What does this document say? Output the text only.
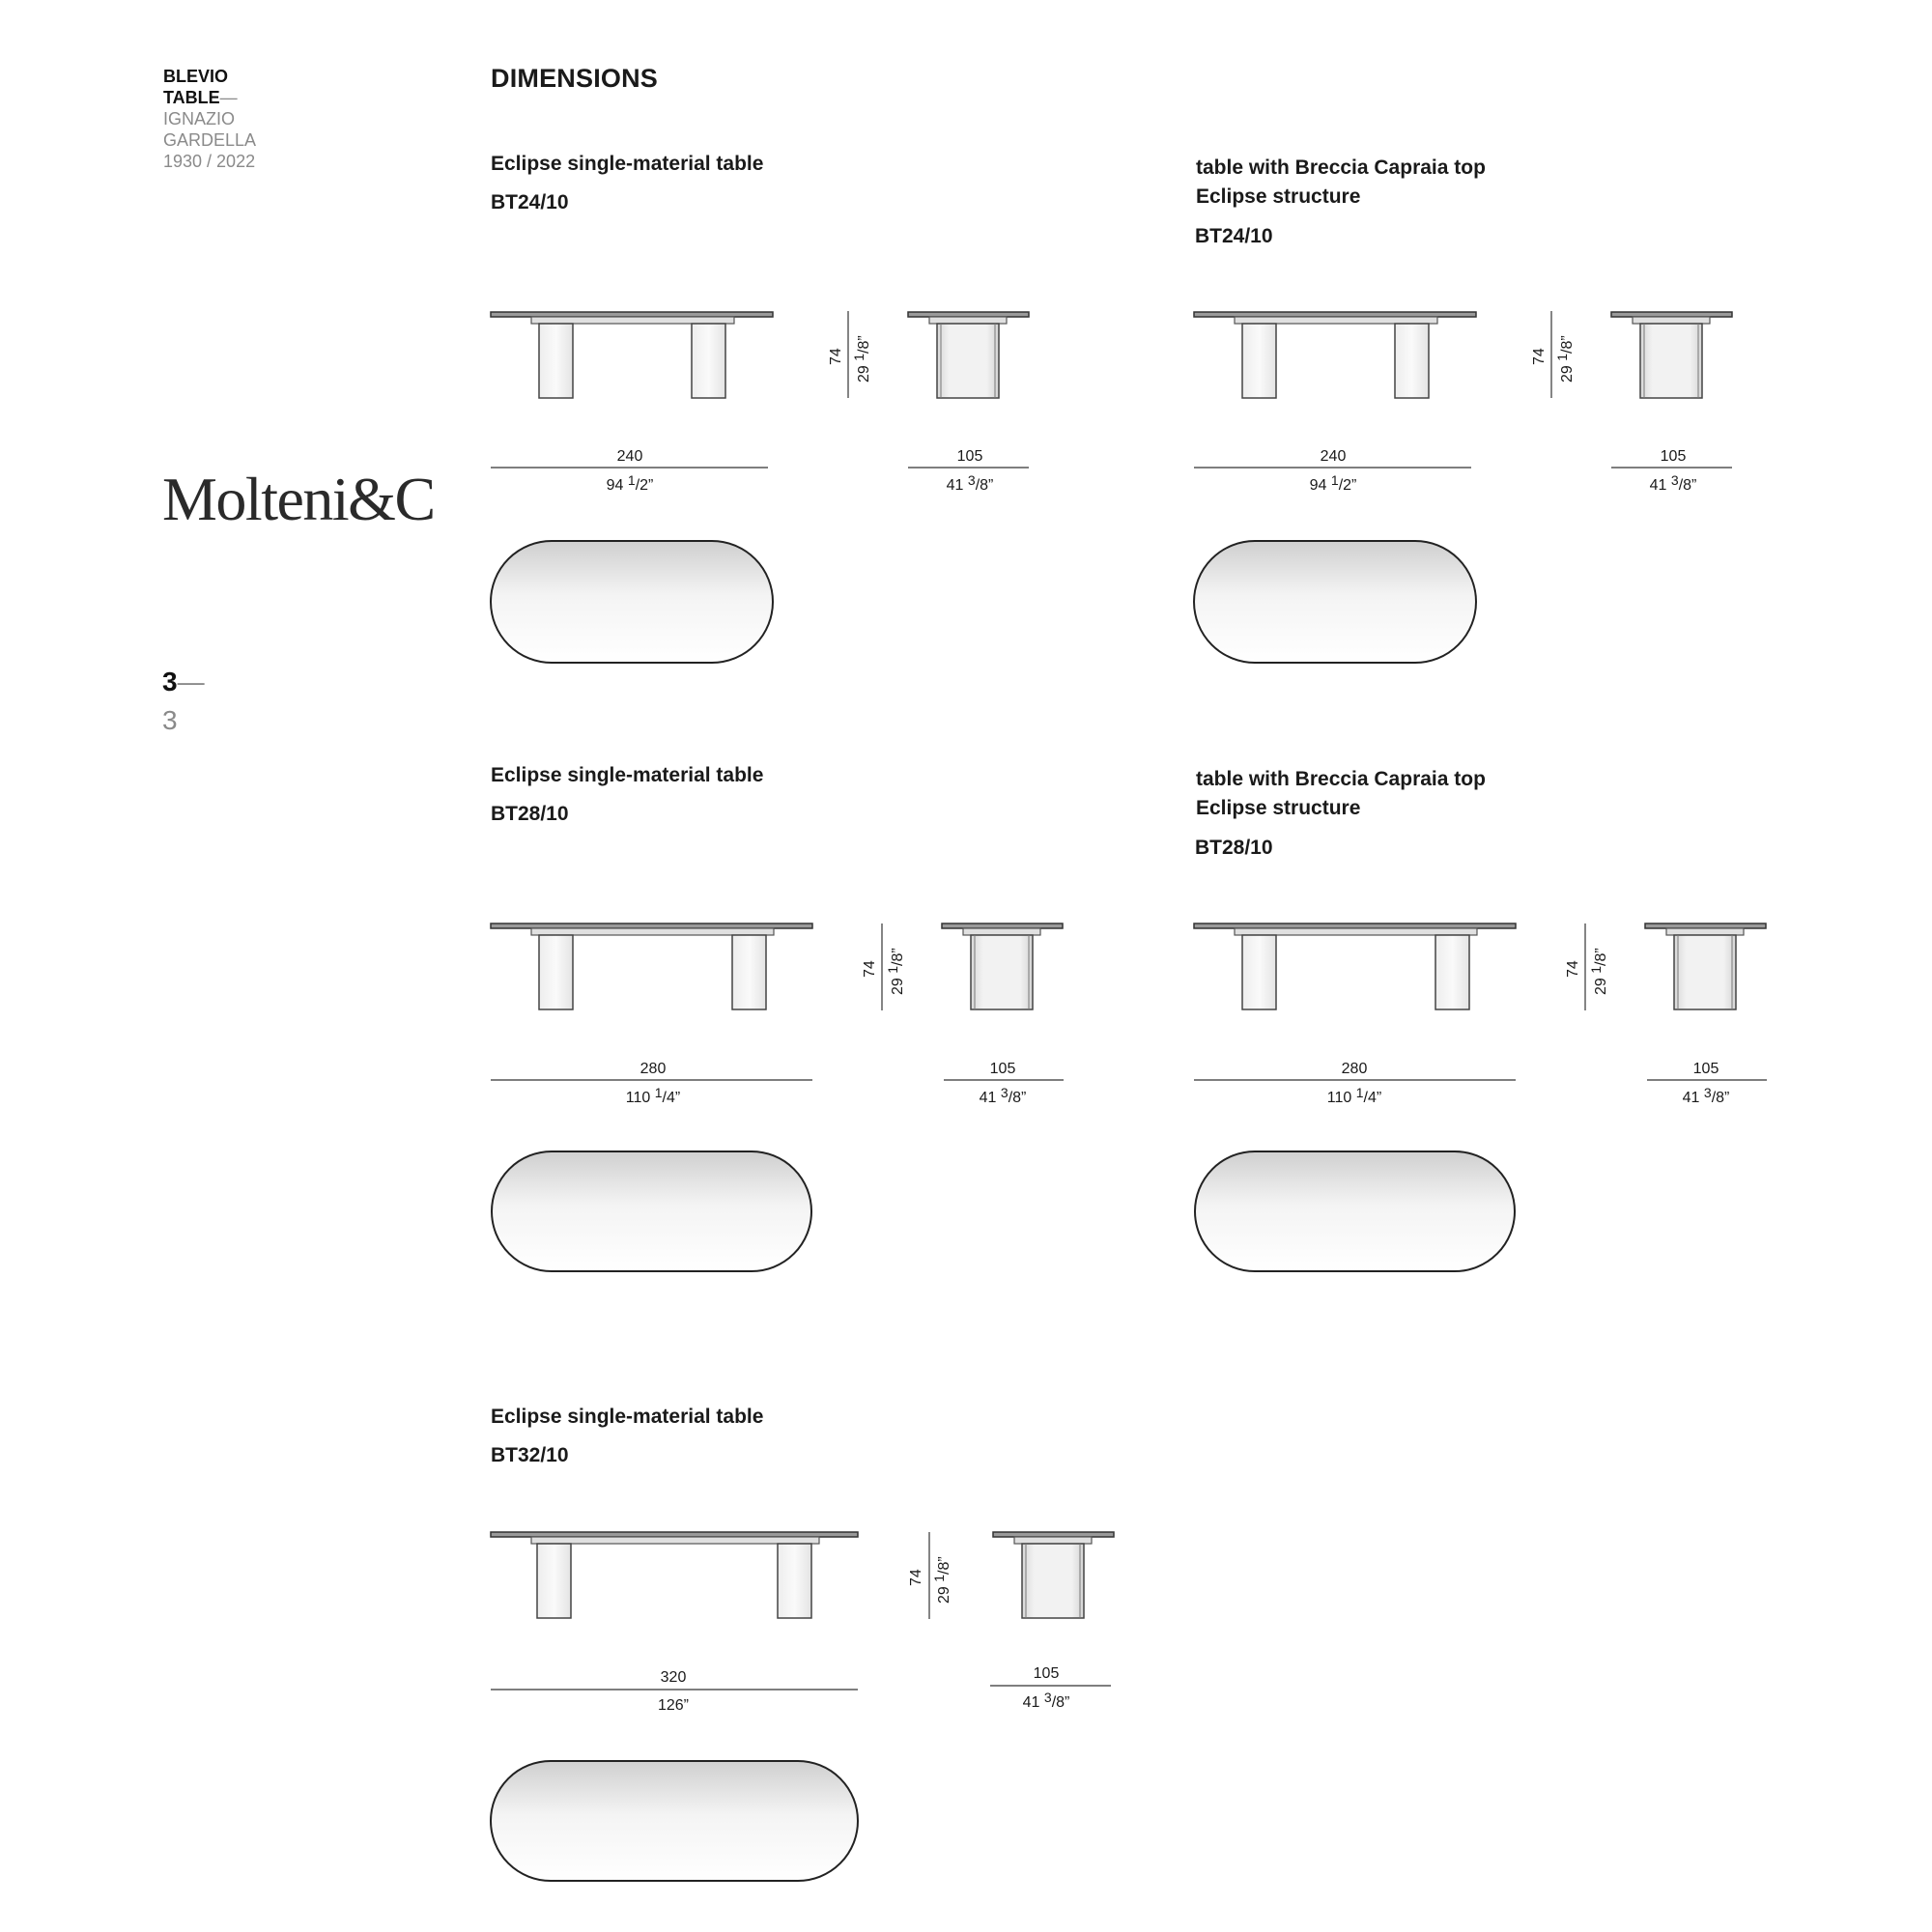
BLEVIO
TABLE—
IGNAZIO
GARDELLA
1930 / 2022
Molteni&C
3—
3
DIMENSIONS
Eclipse single-material table
BT24/10
table with Breccia Capraia top
Eclipse structure
BT24/10
Eclipse single-material table
BT28/10
table with Breccia Capraia top
Eclipse structure
BT28/10
Eclipse single-material table
BT32/10
240
94 1/2”
105
41 3/8”
240
94 1/2”
105
41 3/8”
280
110 1/4”
105
41 3/8”
280
110 1/4”
105
41 3/8”
320
126”
105
41 3/8”
74
29 1/8”
74
29 1/8”
74
29 1/8”
74
29 1/8”
74
29 1/8”
